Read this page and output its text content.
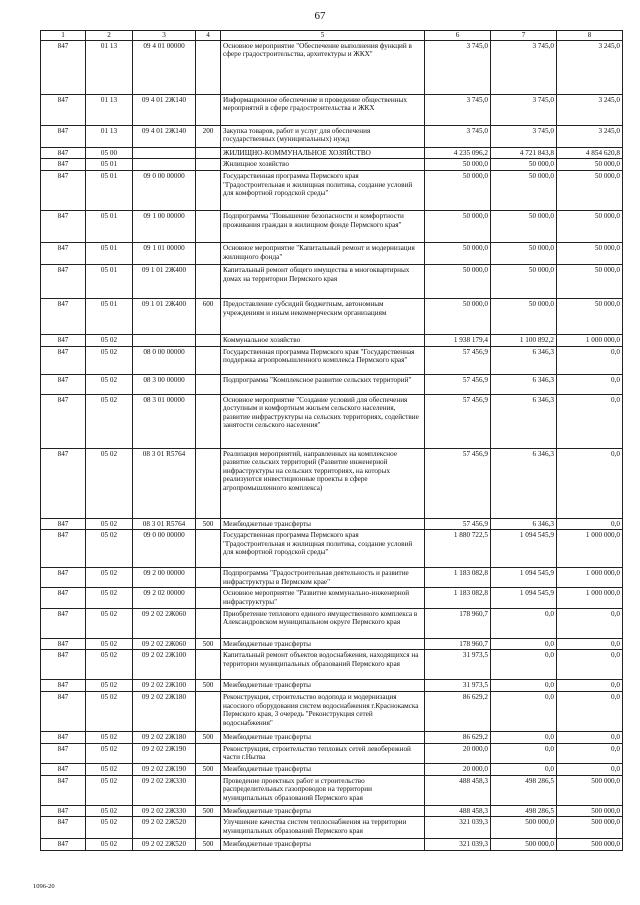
67
1	2	3	4	5	6	7	8
847	01 13	09 4 01 00000		Основное мероприятие "Обеспечение выполнения функций в сфере градостроительства, архитектуры и ЖКХ"	3 745,0	3 745,0	3 245,0
847	01 13	09 4 01 2Ж140		Информационное обеспечение и проведение общественных мероприятий в сфере градостроительства и ЖКХ	3 745,0	3 745,0	3 245,0
847	01 13	09 4 01 2Ж140	200	Закупка товаров, работ и услуг для обеспечения государственных (муниципальных) нужд	3 745,0	3 745,0	3 245,0
847	05 00			ЖИЛИЩНО-КОММУНАЛЬНОЕ ХОЗЯЙСТВО	4 235 096,2	4 721 843,8	4 854 620,8
847	05 01			Жилищное хозяйство	50 000,0	50 000,0	50 000,0
847	05 01	09 0 00 00000		Государственная программа Пермского края "Градостроительная и жилищная политика, создание условий для комфортной городской среды"	50 000,0	50 000,0	50 000,0
847	05 01	09 1 00 00000		Подпрограмма "Повышение безопасности и комфортности проживания граждан в жилищном фонде Пермского края"	50 000,0	50 000,0	50 000,0
847	05 01	09 1 01 00000		Основное мероприятие "Капитальный ремонт и модернизация жилищного фонда"	50 000,0	50 000,0	50 000,0
847	05 01	09 1 01 2Ж400		Капитальный ремонт общего имущества в многоквартирных домах на территории Пермского края	50 000,0	50 000,0	50 000,0
847	05 01	09 1 01 2Ж400	600	Предоставление субсидий бюджетным, автономным учреждениям и иным некоммерческим организациям	50 000,0	50 000,0	50 000,0
847	05 02			Коммунальное хозяйство	1 938 179,4	1 100 892,2	1 000 000,0
847	05 02	08 0 00 00000		Государственная программа Пермского края "Государственная поддержка агропромышленного комплекса Пермского края"	57 456,9	6 346,3	0,0
847	05 02	08 3 00 00000		Подпрограмма "Комплексное развитие сельских территорий"	57 456,9	6 346,3	0,0
847	05 02	08 3 01 00000		Основное мероприятие "Создание условий для обеспечения доступным и комфортным жильем сельского населения, развитие инфраструктуры на сельских территориях, содействие занятости сельского населения"	57 456,9	6 346,3	0,0
847	05 02	08 3 01 R5764		Реализация мероприятий, направленных на комплексное развитие сельских территорий (Развитие инженерной инфраструктуры на сельских территориях, на которых реализуются инвестиционные проекты в сфере агропромышленного комплекса)	57 456,9	6 346,3	0,0
847	05 02	08 3 01 R5764	500	Межбюджетные трансферты	57 456,9	6 346,3	0,0
847	05 02	09 0 00 00000		Государственная программа Пермского края "Градостроительная и жилищная политика, создание условий для комфортной городской среды"	1 880 722,5	1 094 545,9	1 000 000,0
847	05 02	09 2 00 00000		Подпрограмма "Градостроительная деятельность и развитие инфраструктуры в Пермском крае"	1 183 082,8	1 094 545,9	1 000 000,0
847	05 02	09 2 02 00000		Основное мероприятие "Развитие коммунально-инженерной инфраструктуры"	1 183 082,8	1 094 545,9	1 000 000,0
847	05 02	09 2 02 2Ж060		Приобретение теплового единого имущественного комплекса в Александровском муниципальном округе Пермского края	178 960,7	0,0	0,0
847	05 02	09 2 02 2Ж060	500	Межбюджетные трансферты	178 960,7	0,0	0,0
847	05 02	09 2 02 2Ж100		Капитальный ремонт объектов водоснабжения, находящихся на территории муниципальных образований Пермского края	31 973,5	0,0	0,0
847	05 02	09 2 02 2Ж100	500	Межбюджетные трансферты	31 973,5	0,0	0,0
847	05 02	09 2 02 2Ж180		Реконструкция, строительство водопода и модернизация насосного оборудования систем водоснабжения г.Краснокамска Пермского края, 3 очередь "Реконструкция сетей водоснабжения"	86 629,2	0,0	0,0
847	05 02	09 2 02 2Ж180	500	Межбюджетные трансферты	86 629,2	0,0	0,0
847	05 02	09 2 02 2Ж190		Реконструкция, строительство тепловых сетей левобережной части г.Нытва	20 000,0	0,0	0,0
847	05 02	09 2 02 2Ж190	500	Межбюджетные трансферты	20 000,0	0,0	0,0
847	05 02	09 2 02 2Ж330		Проведение проектных работ и строительство распределительных газопроводов на территории муниципальных образований Пермского края	488 458,3	498 286,5	500 000,0
847	05 02	09 2 02 2Ж330	500	Межбюджетные трансферты	488 458,3	498 286,5	500 000,0
847	05 02	09 2 02 2Ж520		Улучшение качества систем теплоснабжения на территории муниципальных образований Пермского края	321 039,3	500 000,0	500 000,0
847	05 02	09 2 02 2Ж520	500	Межбюджетные трансферты	321 039,3	500 000,0	500 000,0
1096-20
